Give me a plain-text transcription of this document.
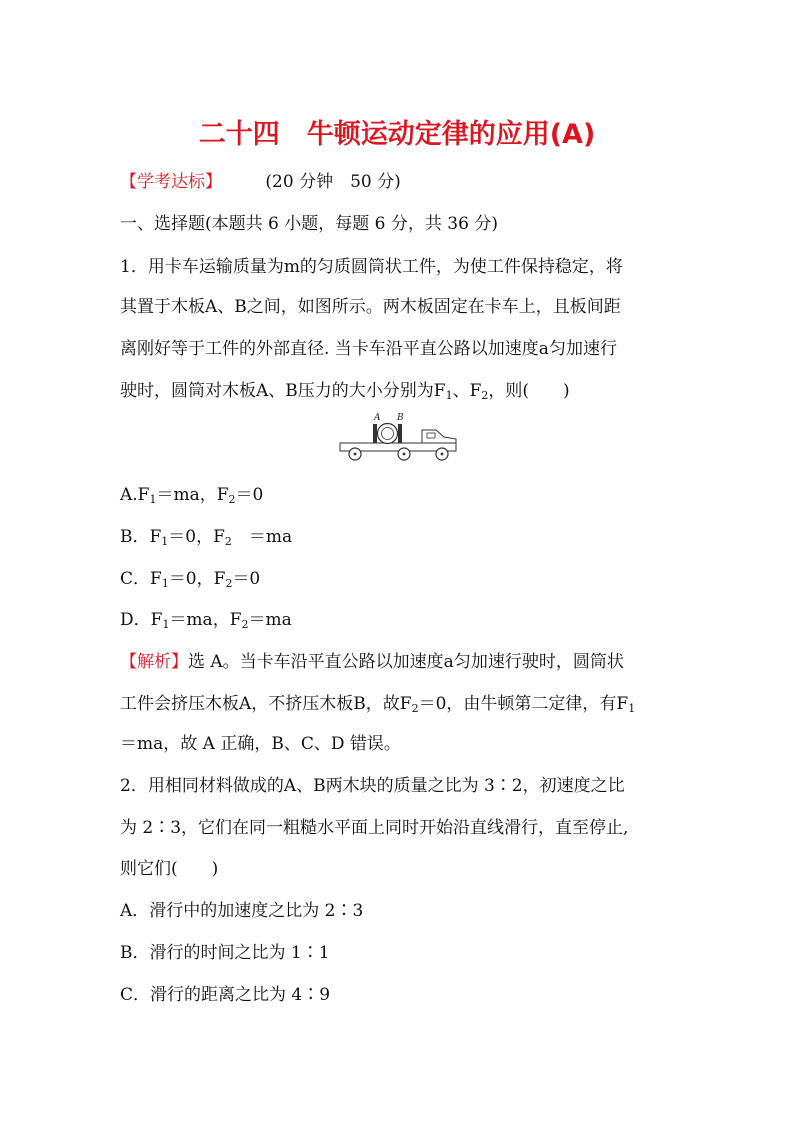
二十四　牛顿运动定律的应用(A)
【学考达标】	(20 分钟　50 分)
一、选择题(本题共 6 小题，每题 6 分，共 36 分)
1．用卡车运输质量为m的匀质圆筒状工件，为使工件保持稳定，将
其置于木板A、B之间，如图所示。两木板固定在卡车上，且板间距
离刚好等于工件的外部直径. 当卡车沿平直公路以加速度a匀加速行
驶时，圆筒对木板A、B压力的大小分别为$F_1$、$F_2$，则(　　)
A B
$A.F_1=ma$，$F_2=0$
B．$F_1=0$，$F_2$　＝ma
C．$F_1=0$，$F_2=0$
D．$F_1=ma$，$F_2=ma$
【解析】选 A。当卡车沿平直公路以加速度a匀加速行驶时，圆筒状
工件会挤压木板A，不挤压木板B，故$F_2=0$，由牛顿第二定律，有$F_1$
＝ma，故 A 正确，B、C、D 错误。
2．用相同材料做成的A、B两木块的质量之比为 3∶2，初速度之比
为 2∶3，它们在同一粗糙水平面上同时开始沿直线滑行，直至停止,
则它们(　　)
A．滑行中的加速度之比为 2∶3
B．滑行的时间之比为 1∶1
C．滑行的距离之比为 4∶9
